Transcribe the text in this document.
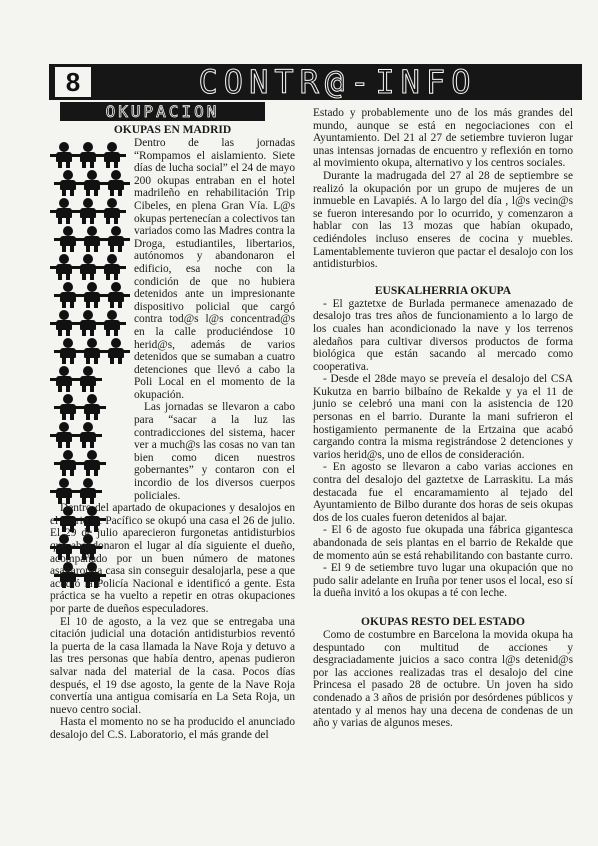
8	CONTR@-INFO
OKUPACION
OKUPAS EN MADRID

Dentro de las jornadas “Rompamos el aislamiento. Siete días de lucha social” el 24 de mayo 200 okupas entraban en el hotel madrileño en rehabilitación Trip Cibeles, en plena Gran Vía. L@s okupas pertenecían a colectivos tan variados como las Madres contra la Droga, estudiantiles, libertarios, autónomos y abandonaron el edificio, esa noche con la condición de que no hubiera detenidos ante un impresionante dispositivo policial que cargó contra tod@s l@s concentrad@s en la calle produciéndose 10 herid@s, además de varios detenidos que se sumaban a cuatro detenciones que llevó a cabo la Poli Local en el momento de la okupación.

Las jornadas se llevaron a cabo para “sacar a la luz las contradicciones del sistema, hacer ver a much@s las cosas no van tan bien como dicen nuestros gobernantes” y contaron con el incordio de los diversos cuerpos policiales.

Dentro del apartado de okupaciones y desalojos en el barrio de Pacífico se okupó una casa el 26 de julio. El 29 de julio aparecieron furgonetas antidisturbios que abandonaron el lugar al día siguiente el dueño, acompañado por un buen número de matones asaltaron la casa sin conseguir desalojarla, pese a que acudió la Policía Nacional e identificó a gente. Esta práctica se ha vuelto a repetir en otras okupaciones por parte de dueños especuladores.

El 10 de agosto, a la vez que se entregaba una citación judicial una dotación antidisturbios reventó la puerta de la casa llamada la Nave Roja y detuvo a las tres personas que había dentro, apenas pudieron salvar nada del material de la casa. Pocos días después, el 19 dse agosto, la gente de la Nave Roja convertía una antigua comisaría en La Seta Roja, un nuevo centro social.

Hasta el momento no se ha producido el anunciado desalojo del C.S. Laboratorio, el más grande del

Estado y probablemente uno de los más grandes del mundo, aunque se está en negociaciones con el Ayuntamiento. Del 21 al 27 de setiembre tuvieron lugar unas intensas jornadas de encuentro y reflexión en torno al movimiento okupa, alternativo y los centros sociales.

Durante la madrugada del 27 al 28 de septiembre se realizó la okupación por un grupo de mujeres de un inmueble en Lavapiés. A lo largo del día , l@s vecin@s se fueron interesando por lo ocurrido, y comenzaron a hablar con las 13 mozas que habían okupado, cediéndoles incluso enseres de cocina y muebles. Lamentablemente tuvieron que pactar el desalojo con los antidisturbios.

EUSKALHERRIA OKUPA

- El gaztetxe de Burlada permanece amenazado de desalojo tras tres años de funcionamiento a lo largo de los cuales han acondicionado la nave y los terrenos aledaños para cultivar diversos productos de forma biológica que están sacando al mercado como cooperativa.

- Desde el 28de mayo se preveía el desalojo del CSA Kukutza en barrio bilbaíno de Rekalde y ya el 11 de junio se celebró una mani con la asistencia de 120 personas en el barrio. Durante la mani sufrieron el hostigamiento permanente de la Ertzaina que acabó cargando contra la misma registrándose 2 detenciones y varios herid@s, uno de ellos de consideración.

- En agosto se llevaron a cabo varias acciones en contra del desalojo del gaztetxe de Larraskitu. La más destacada fue el encaramamiento al tejado del Ayuntamiento de Bilbo durante dos horas de seis okupas dos de los cuales fueron detenidos al bajar.

- El 6 de agosto fue okupada una fábrica gigantesca abandonada de seis plantas en el barrio de Rekalde que de momento aún se está rehabilitando con bastante curro.

- El 9 de setiembre tuvo lugar una okupación que no pudo salir adelante en Iruña por tener usos el local, eso sí la dueña invitó a los okupas a té con leche.

OKUPAS RESTO DEL ESTADO

Como de costumbre en Barcelona la movida okupa ha despuntado con multitud de acciones y desgraciadamente juicios a saco contra l@s detenid@s por las acciones realizadas tras el desalojo del cine Princesa el pasado 28 de octubre. Un joven ha sido condenado a 3 años de prisión por desórdenes públicos y atentado y al menos hay una decena de condenas de un año y varias de algunos meses.
